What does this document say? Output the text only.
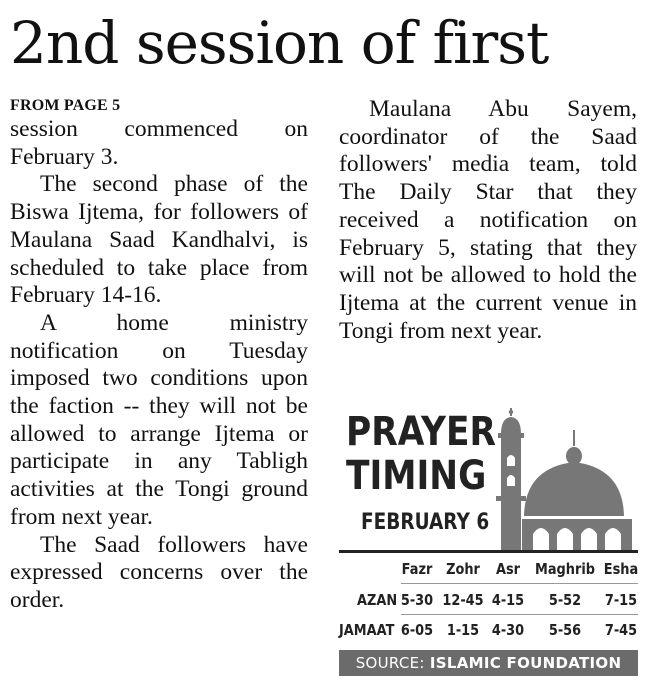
2nd session of first
FROM PAGE 5

session commenced on February 3.

The second phase of the Biswa Ijtema, for followers of Maulana Saad Kandhalvi, is scheduled to take place from February 14-16.

A home ministry notification on Tuesday imposed two conditions upon the faction -- they will not be allowed to arrange Ijtema or participate in any Tabligh activities at the Tongi ground from next year.

The Saad followers have expressed concerns over the order.

Maulana Abu Sayem, coordinator of the Saad followers' media team, told The Daily Star that they received a notification on February 5, stating that they will not be allowed to hold the Ijtema at the current venue in Tongi from next year.

PRAYER
TIMING
FEBRUARY 6
Fazr Zohr Asr Maghrib Esha
AZAN 5-30 12-45 4-15 5-52 7-15
JAMAAT 6-05 1-15 4-30 5-56 7-45
SOURCE: ISLAMIC FOUNDATION
